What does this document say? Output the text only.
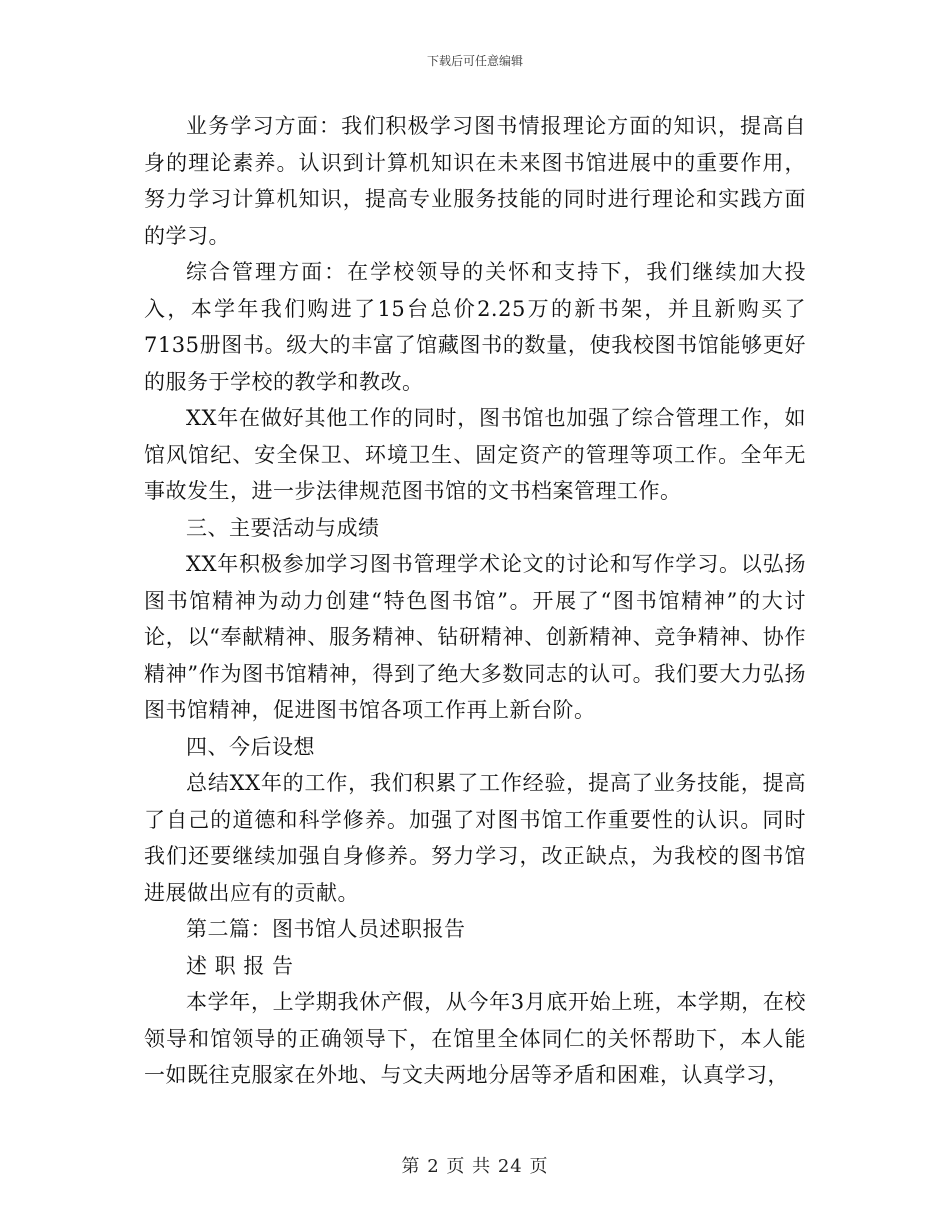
下载后可任意编辑

业务学习方面：我们积极学习图书情报理论方面的知识，提高自身的理论素养。认识到计算机知识在未来图书馆进展中的重要作用，努力学习计算机知识，提高专业服务技能的同时进行理论和实践方面的学习。

综合管理方面：在学校领导的关怀和支持下，我们继续加大投入，本学年我们购进了15台总价2.25万的新书架，并且新购买了7135册图书。级大的丰富了馆藏图书的数量，使我校图书馆能够更好的服务于学校的教学和教改。

XX年在做好其他工作的同时，图书馆也加强了综合管理工作，如馆风馆纪、安全保卫、环境卫生、固定资产的管理等项工作。全年无事故发生，进一步法律规范图书馆的文书档案管理工作。

三、主要活动与成绩

XX年积极参加学习图书管理学术论文的讨论和写作学习。以弘扬图书馆精神为动力创建“特色图书馆”。开展了“图书馆精神”的大讨论，以“奉献精神、服务精神、钻研精神、创新精神、竞争精神、协作精神”作为图书馆精神，得到了绝大多数同志的认可。我们要大力弘扬图书馆精神，促进图书馆各项工作再上新台阶。

四、今后设想

总结XX年的工作，我们积累了工作经验，提高了业务技能，提高了自己的道德和科学修养。加强了对图书馆工作重要性的认识。同时我们还要继续加强自身修养。努力学习，改正缺点，为我校的图书馆进展做出应有的贡献。

第二篇：图书馆人员述职报告

述 职 报 告

本学年，上学期我休产假，从今年3月底开始上班，本学期，在校领导和馆领导的正确领导下，在馆里全体同仁的关怀帮助下，本人能一如既往克服家在外地、与文夫两地分居等矛盾和困难，认真学习，

第 2 页 共 24 页
